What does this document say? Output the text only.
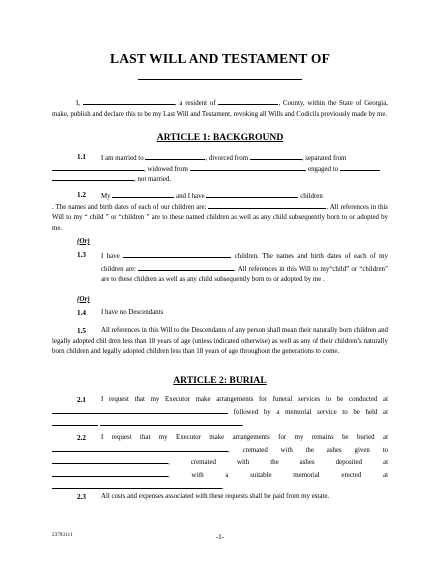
LAST WILL AND TESTAMENT OF
I,	, a resident of	, County, within the State of Georgia, make, publish and declare this to be my Last Will and Testament, revoking all Wills and Codicils previously made by me.
ARTICLE 1: BACKGROUND
1.1 I am married to	, divorced from	, separated from
, widowed from	, engaged to
, not married.
1.2 My	and I have	children
. The names and birth dates of each of our children are:	. All references in this Will to my “ child ” or “children ” are to these named children as well as any child subsequently born to or adopted by me.
(Or)
1.3 I have	children. The names and birth dates of each of my children are:	. All references in this Will to my“child” or “children” are to these children as well as any child subsequently born to or adopted by me .
(Or)
1.4 I have no Descendants
1.5	All references in this Will to the Descendants of any person shall mean their naturally born children and legally adopted chil dren less than 18 years of age (unless indicated otherwise) as well as any of their children’s naturally born children and legally adopted children less than 18 years of age throughout the generations to come.
ARTICLE 2: BURIAL
2.1	I request that my Executor make arrangements for funeral services to be conducted at  followed by a memorial service to be held at  .
2.2	I request that my Executor make arrangements for my remains be buried at , cremated with the ashes given to , cremated with the ashes deposited at , with a suitable memorial erected at .
2.3 All costs and expenses associated with these requests shall be paid from my estate.
237931v1	-1-
